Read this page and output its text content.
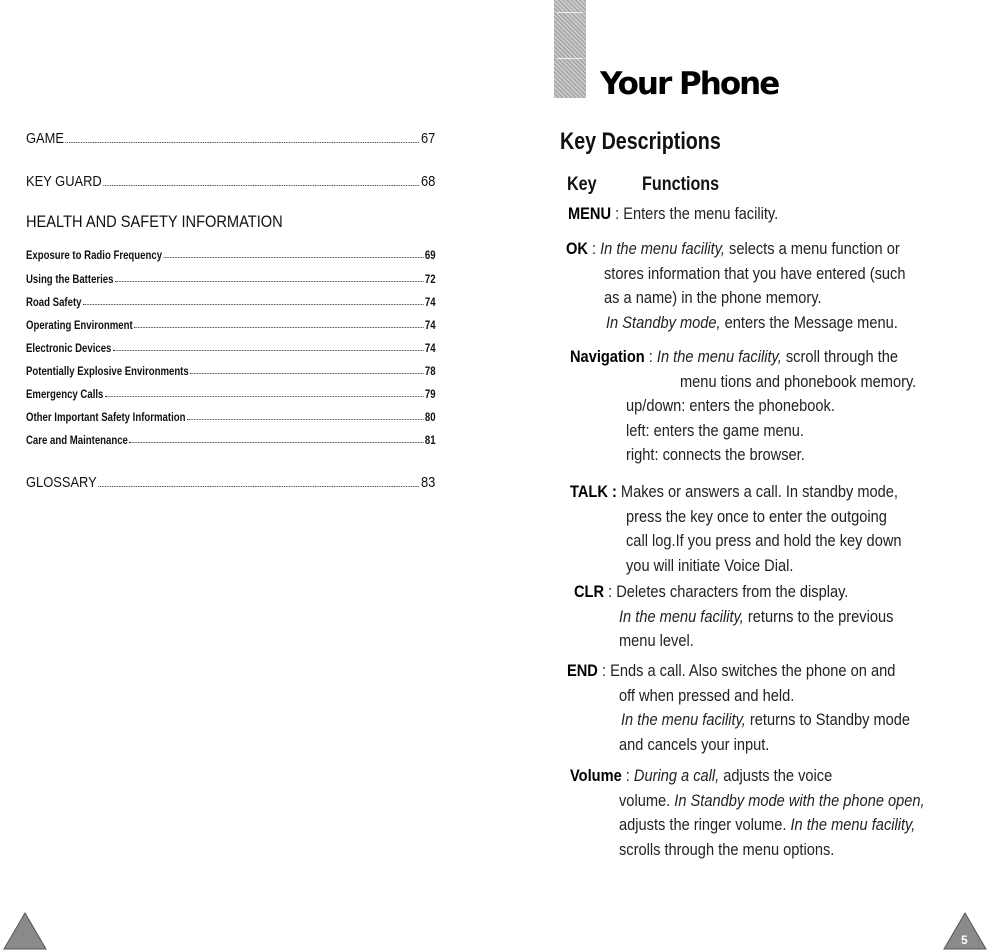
GAME	67
KEY GUARD	68
HEALTH AND SAFETY INFORMATION
Exposure to Radio Frequency	69
Using the Batteries	72
Road Safety	74
Operating Environment	74
Electronic Devices	74
Potentially Explosive Environments	78
Emergency Calls	79
Other Important Safety Information	80
Care and Maintenance	81
GLOSSARY	83
Your Phone
Key Descriptions
Key Functions
MENU : Enters the menu facility.
OK : In the menu facility, selects a menu function or
stores information that you have entered (such
as a name) in the phone memory.
In Standby mode, enters the Message menu.
Navigation : In the menu facility, scroll through the
menu tions and phonebook memory.
up/down: enters the phonebook.
left: enters the game menu.
right: connects the browser.
TALK : Makes or answers a call. In standby mode,
press the key once to enter the outgoing
call log.If you press and hold the key down
you will initiate Voice Dial.
CLR : Deletes characters from the display.
In the menu facility, returns to the previous
menu level.
END : Ends a call. Also switches the phone on and
off when pressed and held.
In the menu facility, returns to Standby mode
and cancels your input.
Volume : During a call, adjusts the voice
volume. In Standby mode with the phone open,
adjusts the ringer volume. In the menu facility,
scrolls through the menu options.
5
